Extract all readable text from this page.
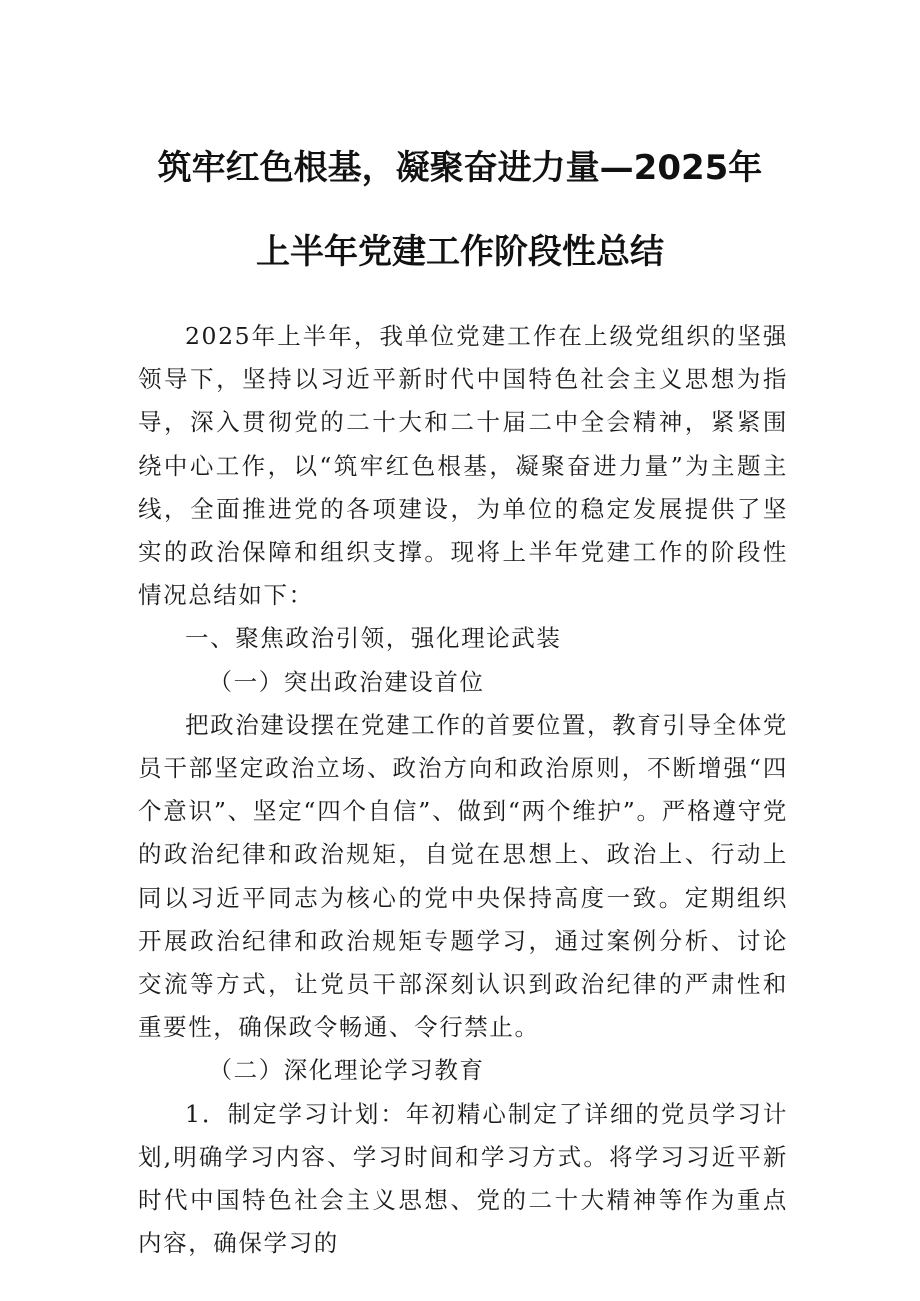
筑牢红色根基，凝聚奋进力量—2025年
上半年党建工作阶段性总结

2025年上半年，我单位党建工作在上级党组织的坚强领导下，坚持以习近平新时代中国特色社会主义思想为指导，深入贯彻党的二十大和二十届二中全会精神，紧紧围绕中心工作，以“筑牢红色根基，凝聚奋进力量”为主题主线，全面推进党的各项建设，为单位的稳定发展提供了坚实的政治保障和组织支撑。现将上半年党建工作的阶段性情况总结如下：

一、聚焦政治引领，强化理论武装

（一）突出政治建设首位

把政治建设摆在党建工作的首要位置，教育引导全体党员干部坚定政治立场、政治方向和政治原则，不断增强“四个意识”、坚定“四个自信”、做到“两个维护”。严格遵守党的政治纪律和政治规矩，自觉在思想上、政治上、行动上同以习近平同志为核心的党中央保持高度一致。定期组织开展政治纪律和政治规矩专题学习，通过案例分析、讨论交流等方式，让党员干部深刻认识到政治纪律的严肃性和重要性，确保政令畅通、令行禁止。

（二）深化理论学习教育

1．制定学习计划：年初精心制定了详细的党员学习计划,明确学习内容、学习时间和学习方式。将学习习近平新时代中国特色社会主义思想、党的二十大精神等作为重点内容，确保学习的
